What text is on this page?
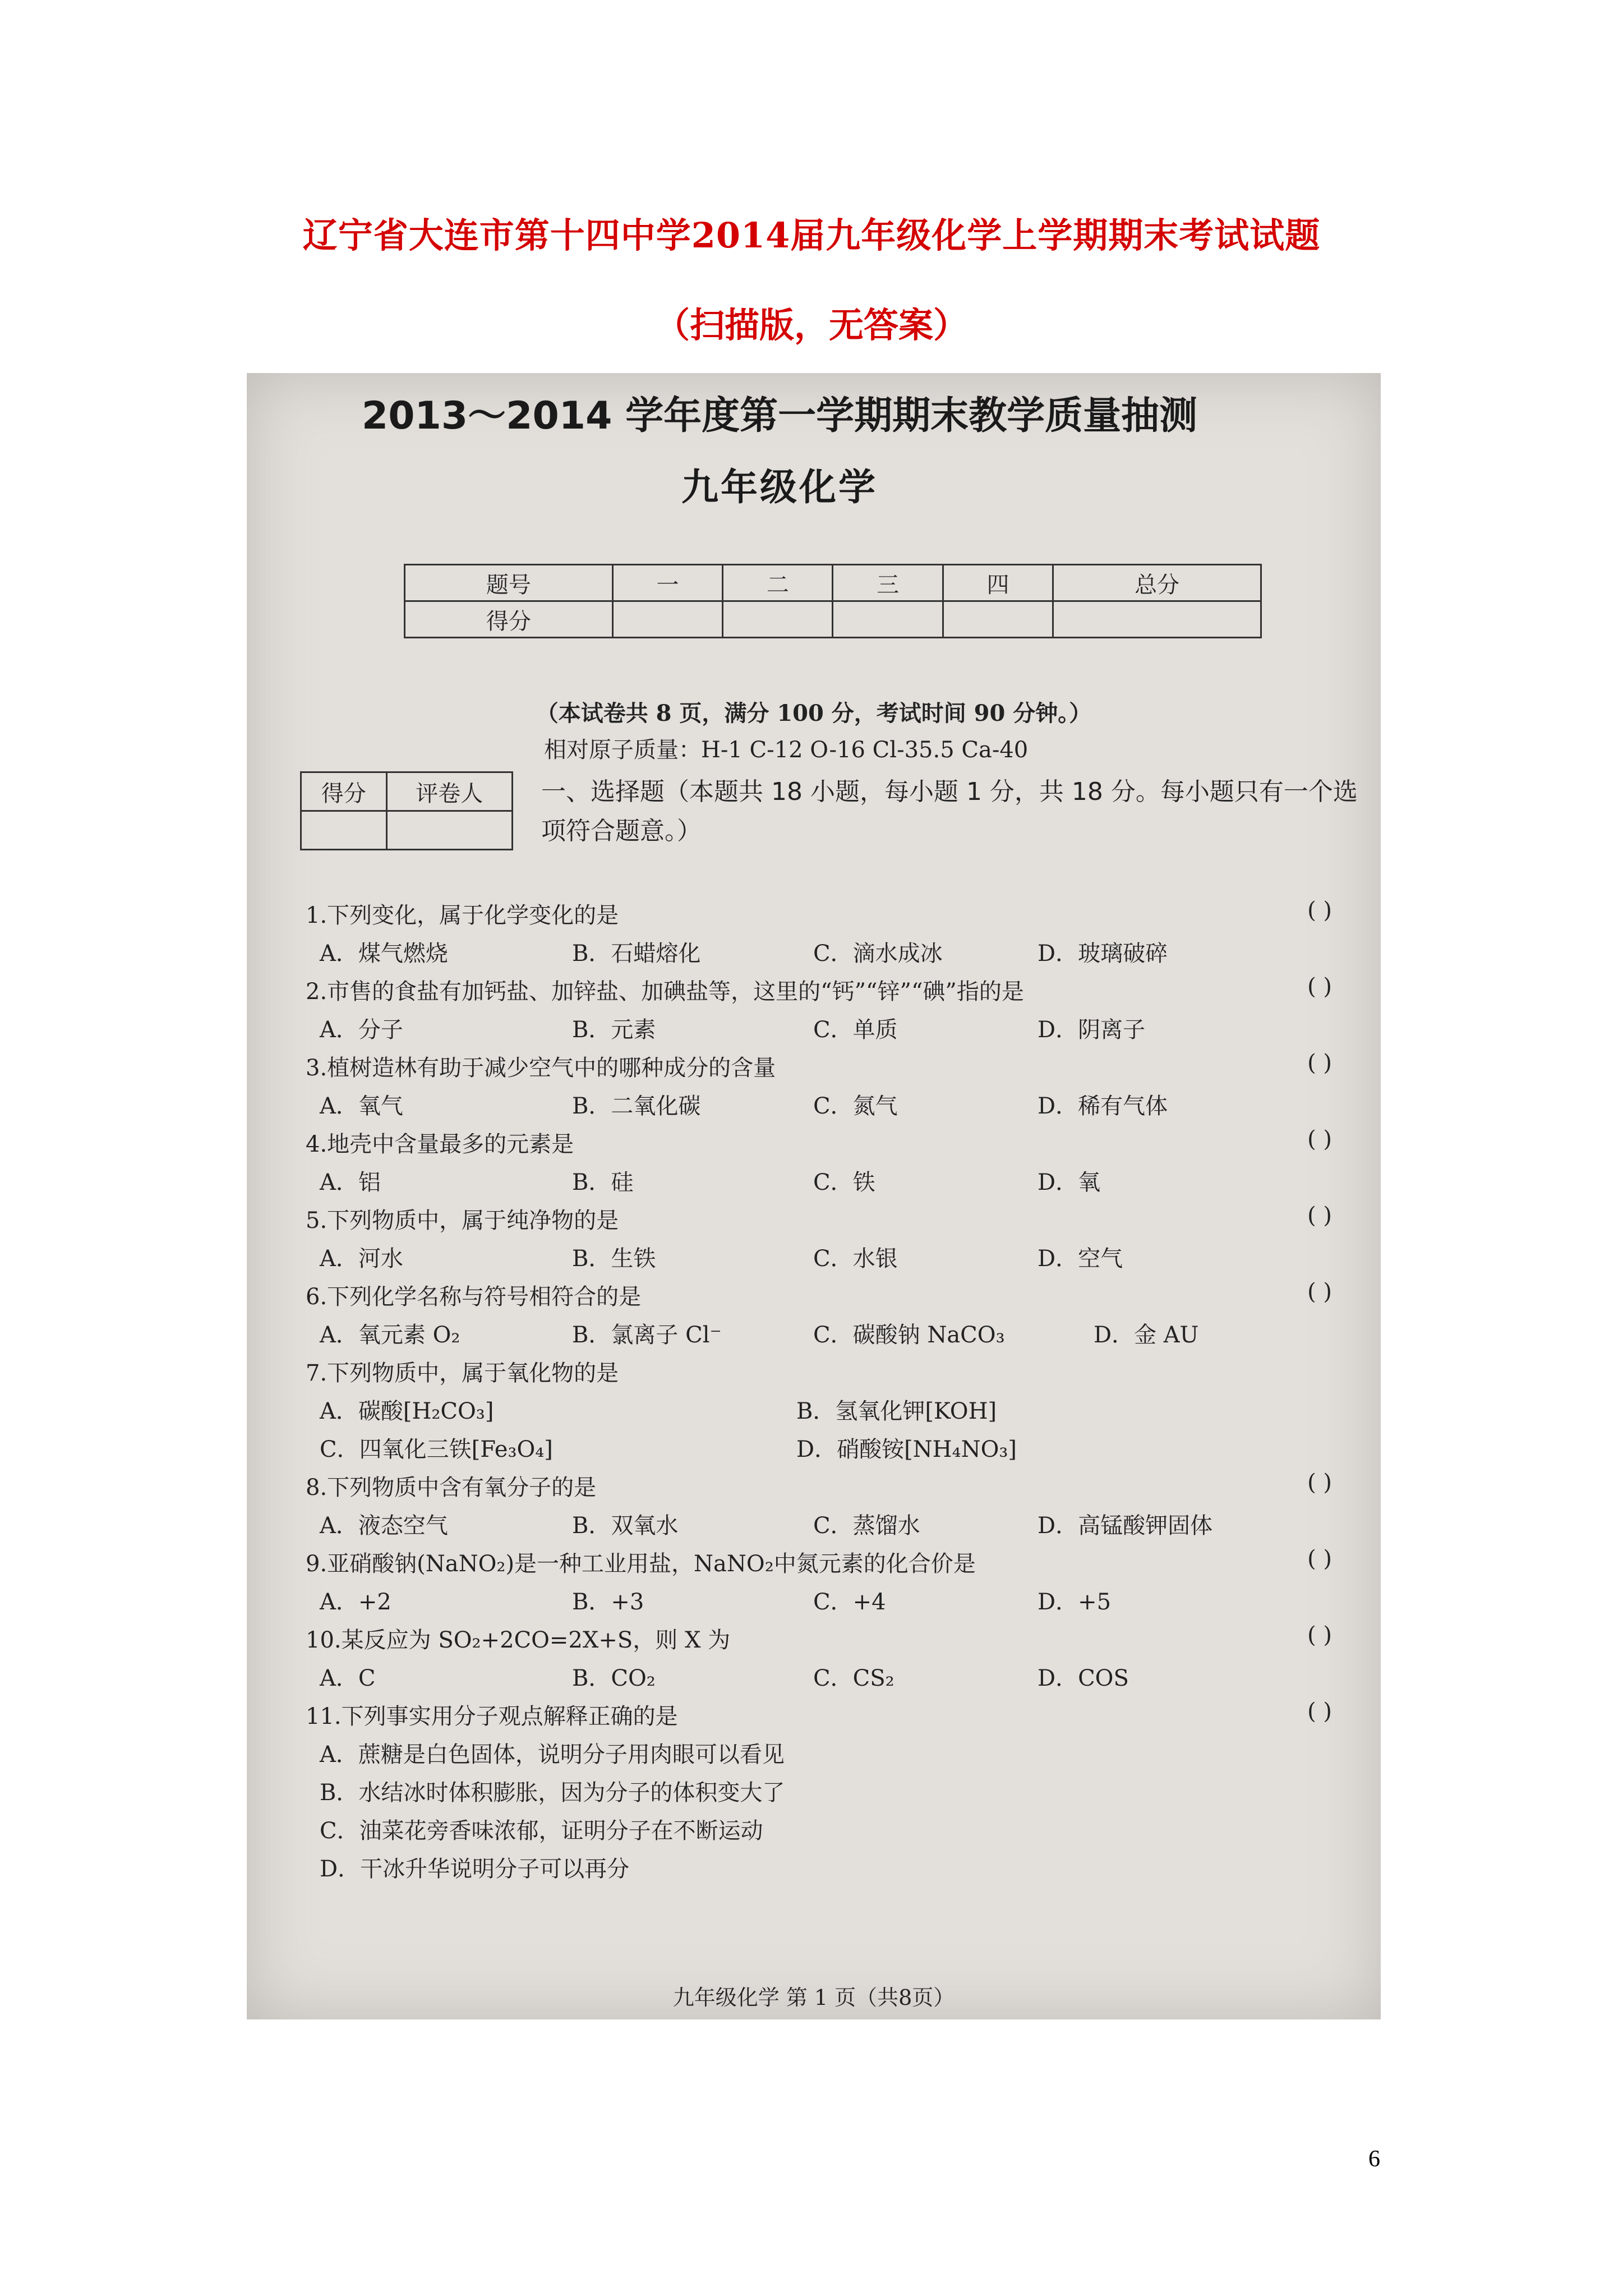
辽宁省大连市第十四中学2014届九年级化学上学期期末考试试题
（扫描版，无答案）
2013～2014 学年度第一学期期末教学质量抽测
九年级化学
题号	一	二	三	四	总分
得分					
（本试卷共 8 页，满分 100 分，考试时间 90 分钟。）
相对原子质量：H-1 C-12 O-16 Cl-35.5 Ca-40
得分	评卷人
	一、选择题（本题共 18 小题，每小题 1 分，共 18 分。每小题只有一个选项符合题意。）
1.下列变化，属于化学变化的是	( )
A．煤气燃烧	B．石蜡熔化	C．滴水成冰	D．玻璃破碎
2.市售的食盐有加钙盐、加锌盐、加碘盐等，这里的“钙”“锌”“碘”指的是	( )
A．分子	B．元素	C．单质	D．阴离子
3.植树造林有助于减少空气中的哪种成分的含量	( )
A．氧气	B．二氧化碳	C．氮气	D．稀有气体
4.地壳中含量最多的元素是	( )
A．铝	B．硅	C．铁	D．氧
5.下列物质中，属于纯净物的是	( )
A．河水	B．生铁	C．水银	D．空气
6.下列化学名称与符号相符合的是	( )
A．氧元素 O₂	B．氯离子 Cl⁻	C．碳酸钠 NaCO₃	D．金 AU
7.下列物质中，属于氧化物的是
A．碳酸[H₂CO₃]	B．氢氧化钾[KOH]
C．四氧化三铁[Fe₃O₄]	D．硝酸铵[NH₄NO₃]
8.下列物质中含有氧分子的是	( )
A．液态空气	B．双氧水	C．蒸馏水	D．高锰酸钾固体
9.亚硝酸钠(NaNO₂)是一种工业用盐，NaNO₂中氮元素的化合价是	( )
A．+2	B．+3	C．+4	D．+5
10.某反应为 SO₂+2CO=2X+S，则 X 为	( )
A．C	B．CO₂	C．CS₂	D．COS
11.下列事实用分子观点解释正确的是	( )
A．蔗糖是白色固体，说明分子用肉眼可以看见
B．水结冰时体积膨胀，因为分子的体积变大了
C．油菜花旁香味浓郁，证明分子在不断运动
D．干冰升华说明分子可以再分
九年级化学 第 1 页（共8页）
6
